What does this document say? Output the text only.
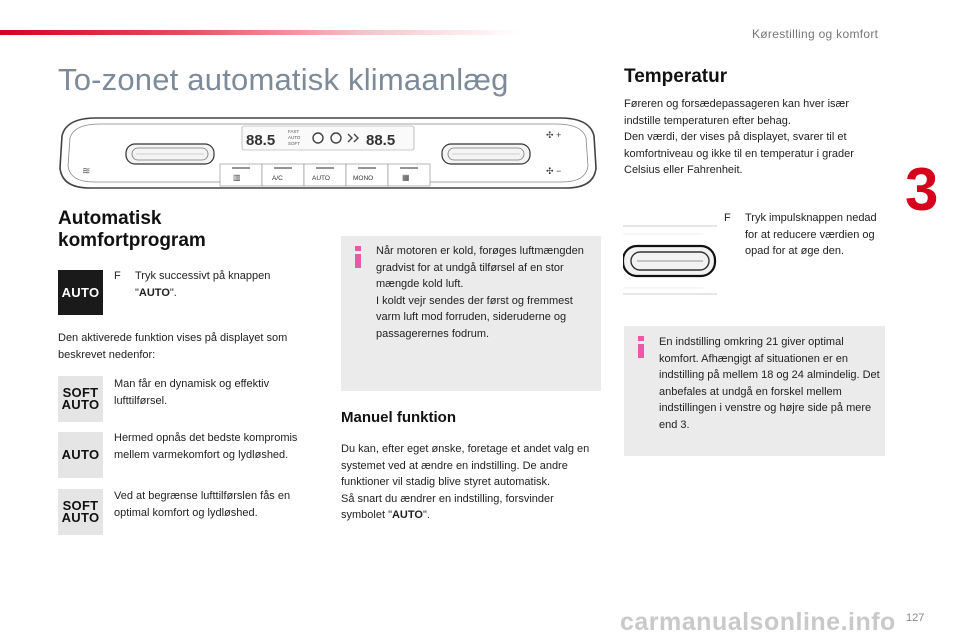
Kørestilling og komfort
3
To-zonet automatisk klimaanlæg
88.5
FAST
AUTO
SOFT	88.5
≋
✣ +
✣ −
▥	A/C	AUTO	MONO	▦
Automatisk komfortprogram
AUTO
F Tryk successivt på knappen "AUTO".

Den aktiverede funktion vises på displayet som beskrevet nedenfor:

SOFT
AUTO

Man får en dynamisk og effektiv lufttilførsel.

AUTO

Hermed opnås det bedste kompromis mellem varmekomfort og lydløshed.

SOFT
AUTO

Ved at begrænse lufttilførslen fås en optimal komfort og lydløshed.

Når motoren er kold, forøges luftmængden gradvist for at undgå tilførsel af en stor mængde kold luft.
I koldt vejr sendes der først og fremmest varm luft mod forruden, sideruderne og passagerernes fodrum.

Manuel funktion

Du kan, efter eget ønske, foretage et andet valg en systemet ved at ændre en indstilling. De andre funktioner vil stadig blive styret automatisk.
Så snart du ændrer en indstilling, forsvinder symbolet "AUTO".

Temperatur

Føreren og forsædepassageren kan hver især indstille temperaturen efter behag.
Den værdi, der vises på displayet, svarer til et komfortniveau og ikke til en temperatur i grader Celsius eller Fahrenheit.

F Tryk impulsknappen nedad for at reducere værdien og opad for at øge den.

En indstilling omkring 21 giver optimal komfort. Afhængigt af situationen er en indstilling på mellem 18 og 24 almindelig. Det anbefales at undgå en forskel mellem indstillingen i venstre og højre side på mere end 3.

127
carmanualsonline.info
